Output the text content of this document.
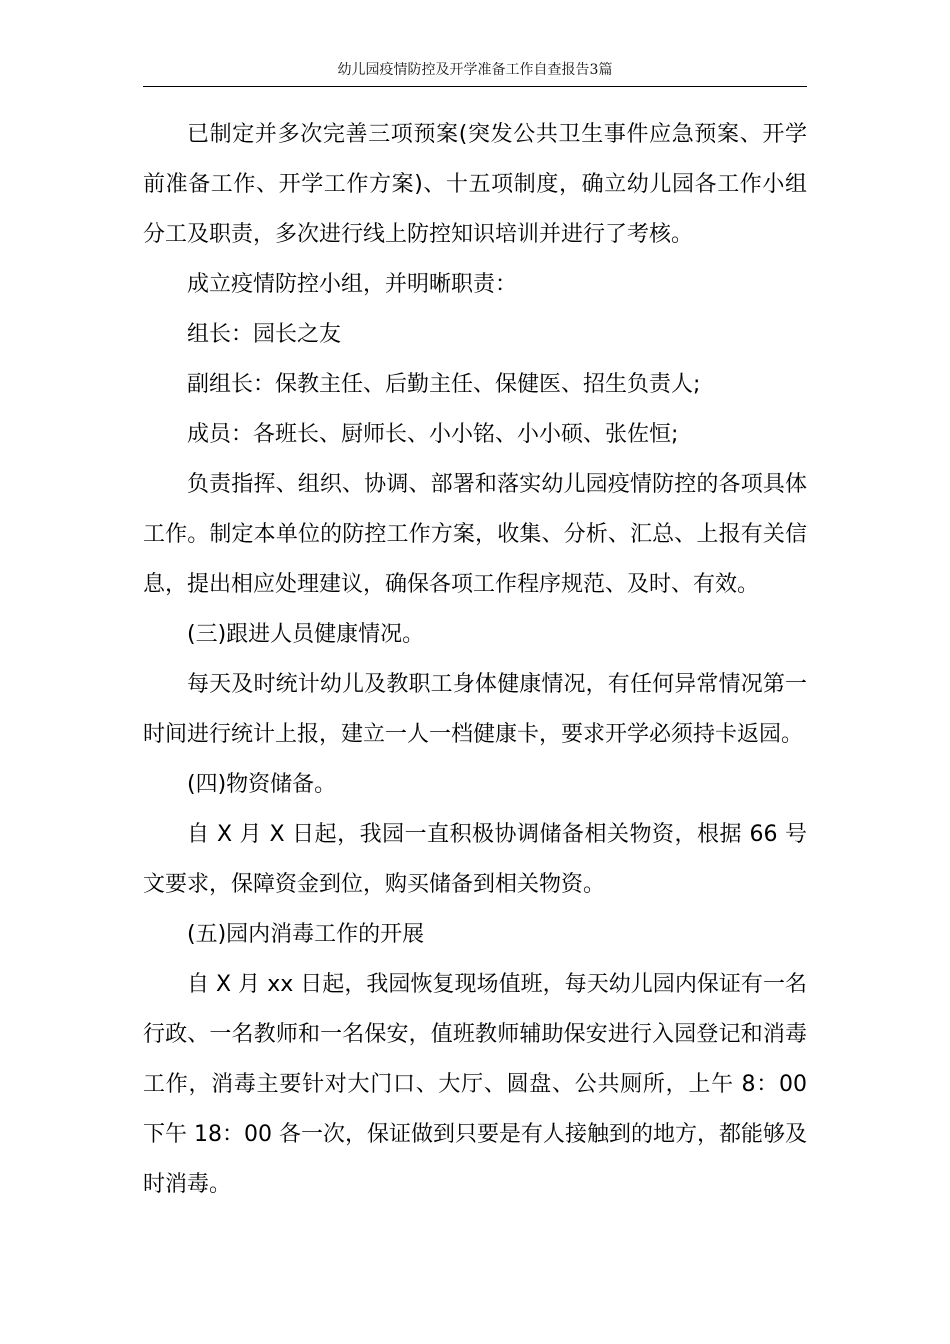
幼儿园疫情防控及开学准备工作自查报告3篇

已制定并多次完善三项预案(突发公共卫生事件应急预案、开学前准备工作、开学工作方案)、十五项制度，确立幼儿园各工作小组分工及职责，多次进行线上防控知识培训并进行了考核。

成立疫情防控小组，并明晰职责：

组长：园长之友

副组长：保教主任、后勤主任、保健医、招生负责人;

成员：各班长、厨师长、小小铭、小小硕、张佐恒;

负责指挥、组织、协调、部署和落实幼儿园疫情防控的各项具体工作。制定本单位的防控工作方案，收集、分析、汇总、上报有关信息，提出相应处理建议，确保各项工作程序规范、及时、有效。

(三)跟进人员健康情况。

每天及时统计幼儿及教职工身体健康情况，有任何异常情况第一时间进行统计上报，建立一人一档健康卡，要求开学必须持卡返园。

(四)物资储备。

自 X 月 X 日起，我园一直积极协调储备相关物资，根据 66 号文要求，保障资金到位，购买储备到相关物资。

(五)园内消毒工作的开展

自 X 月 xx 日起，我园恢复现场值班，每天幼儿园内保证有一名行政、一名教师和一名保安，值班教师辅助保安进行入园登记和消毒工作，消毒主要针对大门口、大厅、圆盘、公共厕所，上午 8：00 下午 18：00 各一次，保证做到只要是有人接触到的地方，都能够及时消毒。
